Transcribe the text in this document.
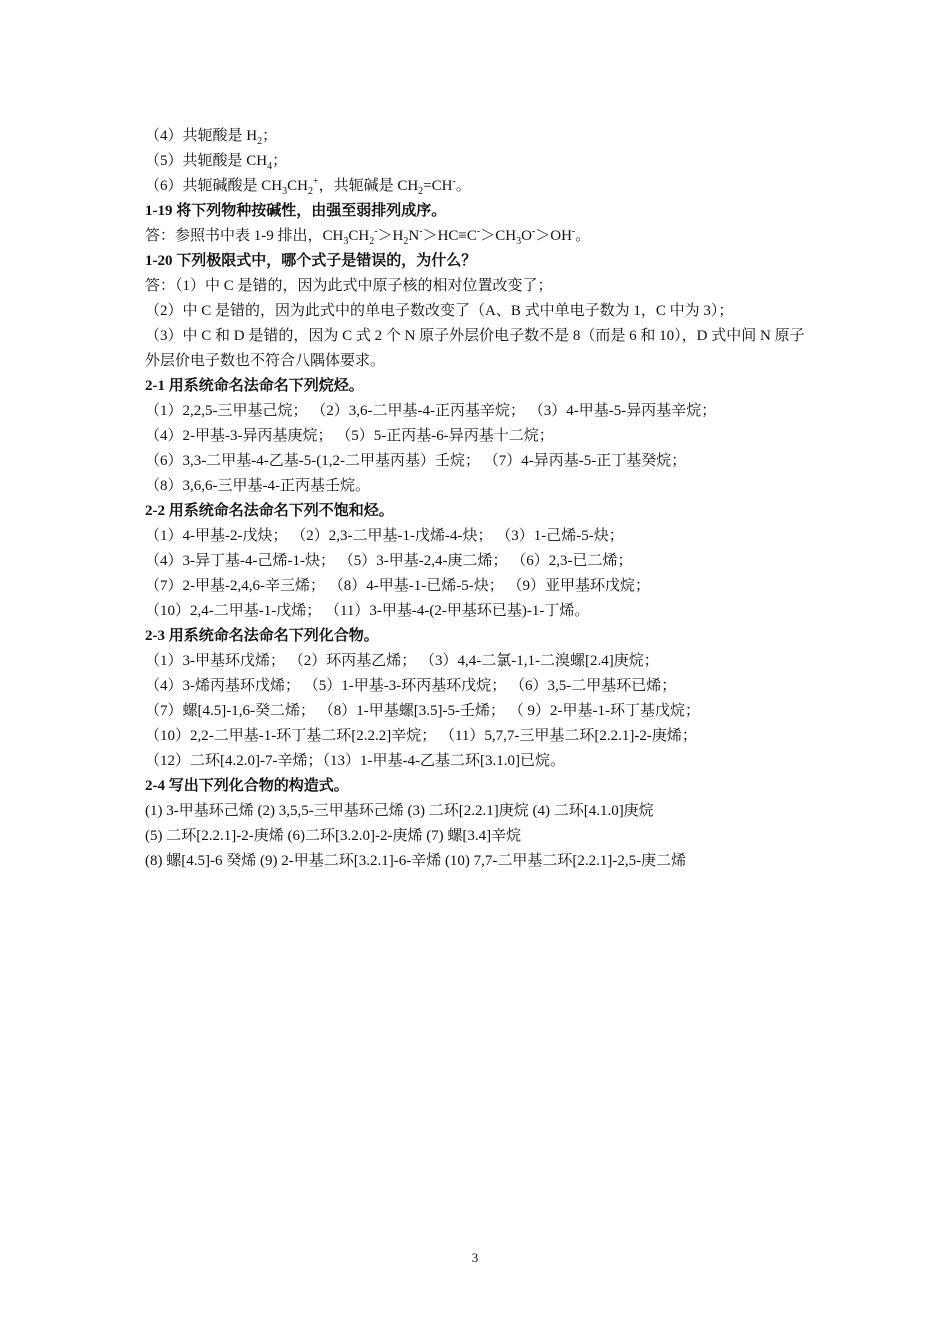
（4）共轭酸是 $H_2$；
（5）共轭酸是 $CH_4$；
（6）共轭碱酸是 $CH_3CH_2^+$，共轭碱是 $CH_2=CH^-$。
1-19 将下列物种按碱性，由强至弱排列成序。
答：参照书中表 1-9 排出，$CH_3CH_2^->H_2N^->HC\equiv C^->CH_3O^->OH^-$。
1-20 下列极限式中，哪个式子是错误的，为什么？
答：（1）中 C 是错的，因为此式中原子核的相对位置改变了；
（2）中 C 是错的，因为此式中的单电子数改变了（A、B 式中单电子数为 1，C 中为 3）；
（3）中 C 和 D 是错的，因为 C 式 2 个 N 原子外层价电子数不是 8（而是 6 和 10），D 式中间 N 原子外层价电子数也不符合八隅体要求。
2-1 用系统命名法命名下列烷烃。
（1）2,2,5-三甲基己烷； （2）3,6-二甲基-4-正丙基辛烷； （3）4-甲基-5-异丙基辛烷；
（4）2-甲基-3-异丙基庚烷； （5）5-正丙基-6-异丙基十二烷；
（6）3,3-二甲基-4-乙基-5-(1,2-二甲基丙基）壬烷； （7）4-异丙基-5-正丁基癸烷；
（8）3,6,6-三甲基-4-正丙基壬烷。
2-2 用系统命名法命名下列不饱和烃。
（1）4-甲基-2-戊炔； （2）2,3-二甲基-1-戊烯-4-炔； （3）1-己烯-5-炔；
（4）3-异丁基-4-己烯-1-炔； （5）3-甲基-2,4-庚二烯； （6）2,3-已二烯；
（7）2-甲基-2,4,6-辛三烯； （8）4-甲基-1-已烯-5-炔； （9）亚甲基环戊烷；
（10）2,4-二甲基-1-戊烯； （11）3-甲基-4-(2-甲基环已基)-1-丁烯。
2-3 用系统命名法命名下列化合物。
（1）3-甲基环戊烯； （2）环丙基乙烯； （3）4,4-二氯-1,1-二溴螺[2.4]庚烷；
（4）3-烯丙基环戊烯； （5）1-甲基-3-环丙基环戊烷； （6）3,5-二甲基环已烯；
（7）螺[4.5]-1,6-癸二烯； （8）1-甲基螺[3.5]-5-壬烯； （ 9）2-甲基-1-环丁基戊烷；
（10）2,2-二甲基-1-环丁基二环[2.2.2]辛烷； （11）5,7,7-三甲基二环[2.2.1]-2-庚烯；
（12）二环[4.2.0]-7-辛烯；（13）1-甲基-4-乙基二环[3.1.0]已烷。
2-4 写出下列化合物的构造式。
(1) 3-甲基环己烯 (2) 3,5,5-三甲基环己烯 (3) 二环[2.2.1]庚烷 (4) 二环[4.1.0]庚烷
(5) 二环[2.2.1]-2-庚烯 (6)二环[3.2.0]-2-庚烯 (7) 螺[3.4]辛烷
(8) 螺[4.5]-6 癸烯 (9) 2-甲基二环[3.2.1]-6-辛烯 (10) 7,7-二甲基二环[2.2.1]-2,5-庚二烯
3
